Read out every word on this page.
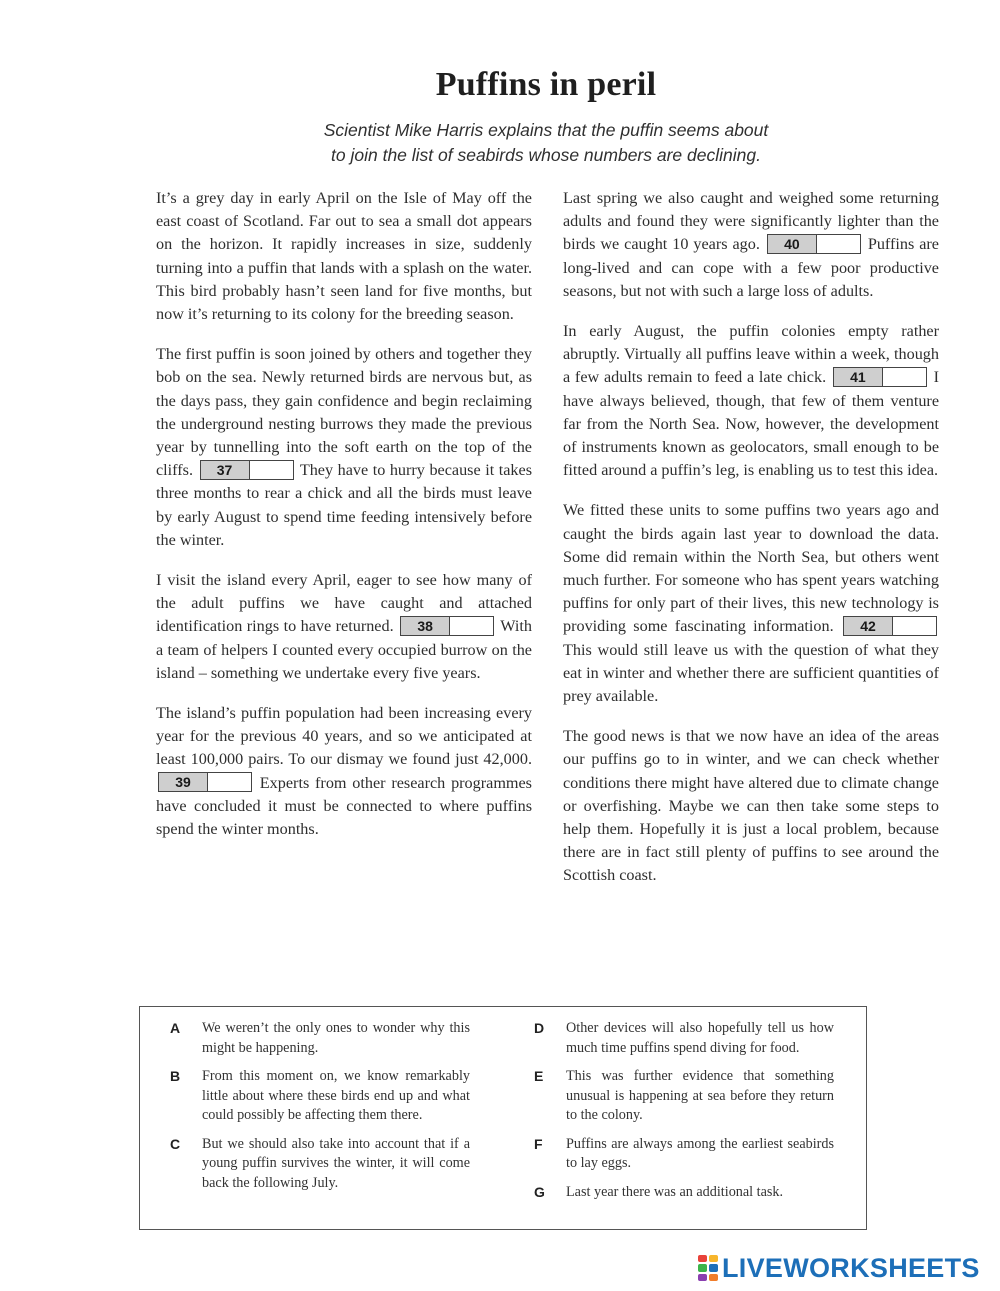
Puffins in peril
Scientist Mike Harris explains that the puffin seems about
to join the list of seabirds whose numbers are declining.

It’s a grey day in early April on the Isle of May off the east coast of Scotland. Far out to sea a small dot appears on the horizon. It rapidly increases in size, suddenly turning into a puffin that lands with a splash on the water. This bird probably hasn’t seen land for five months, but now it’s returning to its colony for the breeding season.

The first puffin is soon joined by others and together they bob on the sea. Newly returned birds are nervous but, as the days pass, they gain confidence and begin reclaiming the underground nesting burrows they made the previous year by tunnelling into the soft earth on the top of the cliffs.	37	They have to hurry because it takes three months to rear a chick and all the birds must leave by early August to spend time feeding intensively before the winter.

I visit the island every April, eager to see how many of the adult puffins we have caught and attached identification rings to have returned.	38	With a team of helpers I counted every occupied burrow on the island – something we undertake every five years.

The island’s puffin population had been increasing every year for the previous 40 years, and so we anticipated at least 100,000 pairs. To our dismay we found just 42,000.
39	Experts from other research programmes have concluded it must be connected to where puffins spend the winter months.

Last spring we also caught and weighed some returning adults and found they were significantly lighter than the birds we caught 10 years ago.	40	Puffins are long-lived and can cope with a few poor productive seasons, but not with such a large loss of adults.

In early August, the puffin colonies empty rather abruptly. Virtually all puffins leave within a week, though a few adults remain to feed a late chick.	41	I have always believed, though, that few of them venture far from the North Sea. Now, however, the development of instruments known as geolocators, small enough to be fitted around a puffin’s leg, is enabling us to test this idea.

We fitted these units to some puffins two years ago and caught the birds again last year to download the data. Some did remain within the North Sea, but others went much further. For someone who has spent years watching puffins for only part of their lives, this new technology is providing some fascinating information.	42
This would still leave us with the question of what they eat in winter and whether there are sufficient quantities of prey available.

The good news is that we now have an idea of the areas our puffins go to in winter, and we can check whether conditions there might have altered due to climate change or overfishing. Maybe we can then take some steps to help them. Hopefully it is just a local problem, because there are in fact still plenty of puffins to see around the Scottish coast.

A	We weren’t the only ones to wonder why this might be happening.
B	From this moment on, we know remarkably little about where these birds end up and what could possibly be affecting them there.
C	But we should also take into account that if a young puffin survives the winter, it will come back the following July.
D	Other devices will also hopefully tell us how much time puffins spend diving for food.
E	This was further evidence that something unusual is happening at sea before they return to the colony.
F	Puffins are always among the earliest seabirds to lay eggs.
G	Last year there was an additional task.
LIVEWORKSHEETS
